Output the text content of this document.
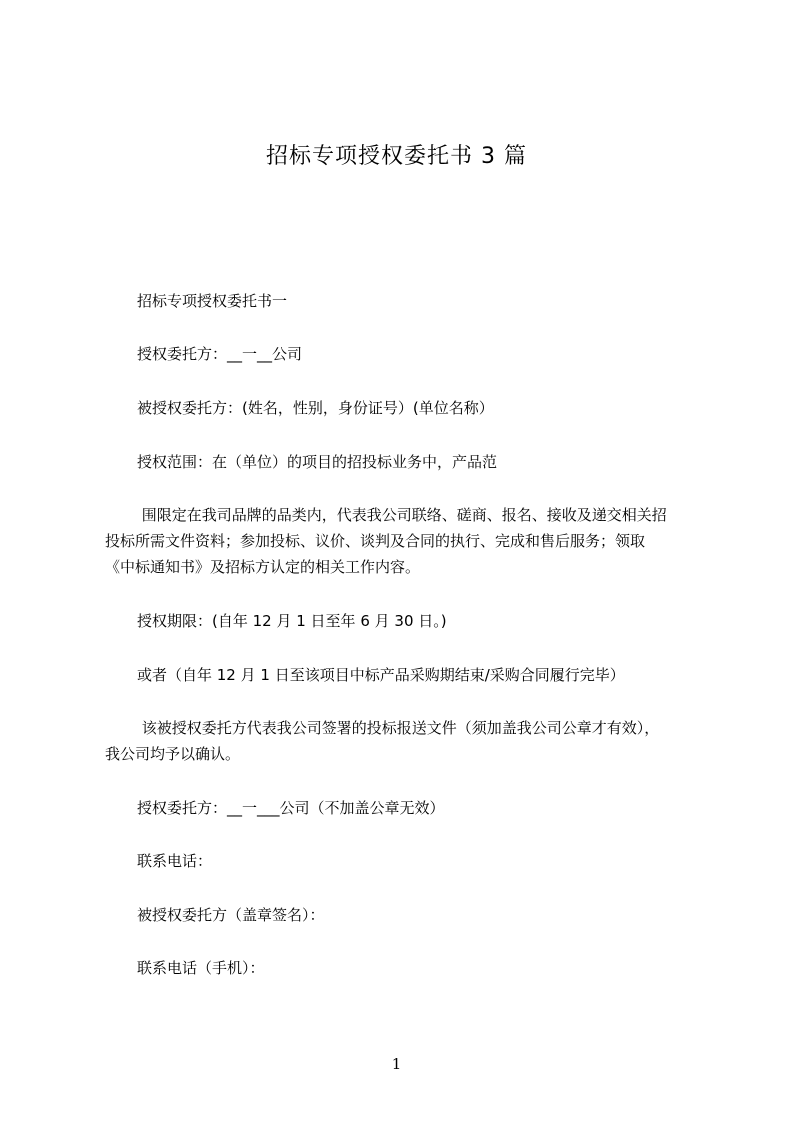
招标专项授权委托书 3 篇

招标专项授权委托书一

授权委托方：__一__公司

被授权委托方：(姓名，性别，身份证号）(单位名称）

授权范围：在（单位）的项目的招投标业务中，产品范

围限定在我司品牌的品类内，代表我公司联络、磋商、报名、接收及递交相关招
投标所需文件资料；参加投标、议价、谈判及合同的执行、完成和售后服务；领取
《中标通知书》及招标方认定的相关工作内容。

授权期限：(自年 12 月 1 日至年 6 月 30 日。)

或者（自年 12 月 1 日至该项目中标产品采购期结束/采购合同履行完毕）

该被授权委托方代表我公司签署的投标报送文件（须加盖我公司公章才有效），
我公司均予以确认。

授权委托方：__一___公司（不加盖公章无效）

联系电话：

被授权委托方（盖章签名）：

联系电话（手机）：

1
